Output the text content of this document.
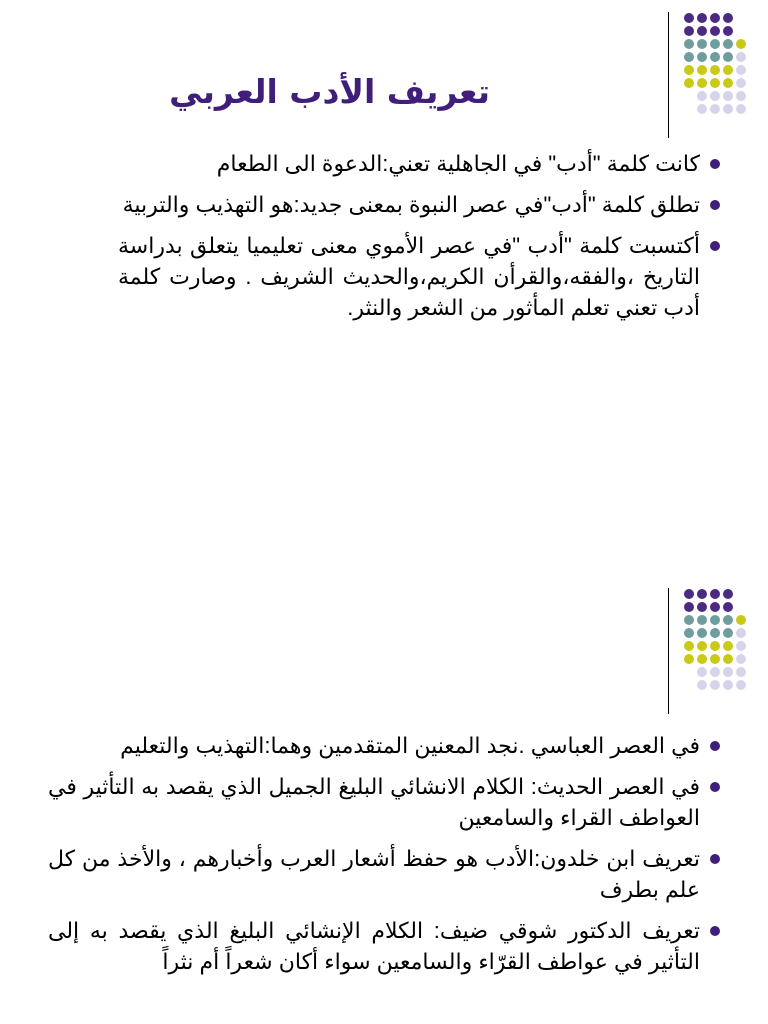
تعريف الأدب العربي
كانت كلمة "أدب" في الجاهلية تعني:الدعوة الى الطعام
تطلق كلمة "أدب"في عصر النبوة بمعنى جديد:هو التهذيب والتربية
أكتسبت كلمة "أدب "في عصر الأموي معنى تعليميا يتعلق بدراسة التاريخ ،والفقه،والقرأن الكريم،والحديث الشريف . وصارت كلمة أدب تعني تعلم المأثور من الشعر والنثر.
في العصر العباسي .نجد المعنين المتقدمين وهما:التهذيب والتعليم
في العصر الحديث: الكلام الانشائي البليغ الجميل الذي يقصد به التأثير في العواطف القراء والسامعين
تعريف ابن خلدون:الأدب هو حفظ أشعار العرب وأخبارهم ، والأخذ من كل علم بطرف
تعريف الدكتور شوقي ضيف: الكلام الإنشائي البليغ الذي يقصد به إلى التأثير في عواطف القرّاء والسامعين سواء أكان شعراً أم نثراً
